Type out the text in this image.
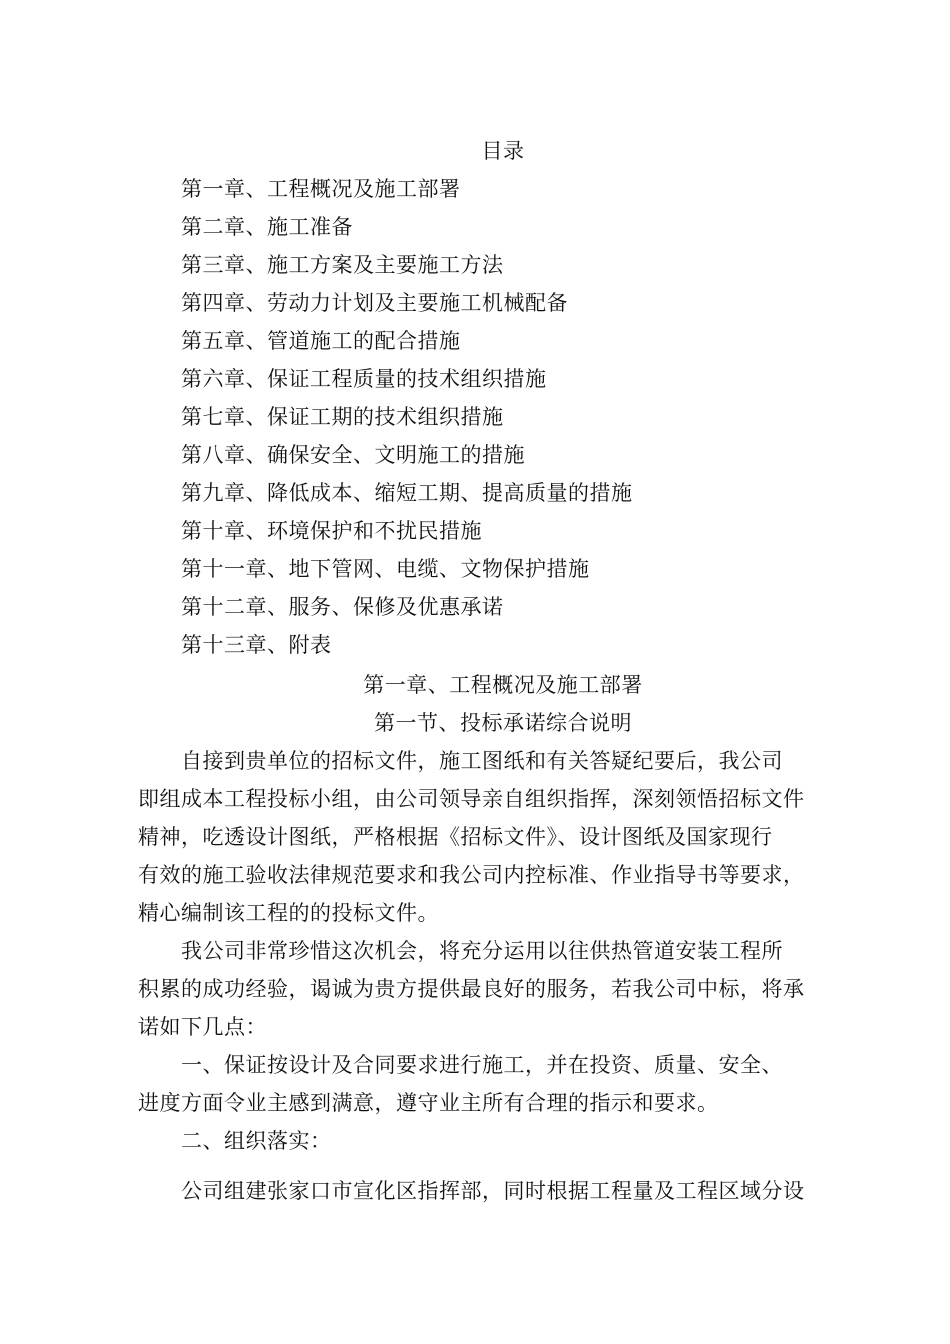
目录
第一章、工程概况及施工部署
第二章、施工准备
第三章、施工方案及主要施工方法
第四章、劳动力计划及主要施工机械配备
第五章、管道施工的配合措施
第六章、保证工程质量的技术组织措施
第七章、保证工期的技术组织措施
第八章、确保安全、文明施工的措施
第九章、降低成本、缩短工期、提高质量的措施
第十章、环境保护和不扰民措施
第十一章、地下管网、电缆、文物保护措施
第十二章、服务、保修及优惠承诺
第十三章、附表
第一章、工程概况及施工部署
第一节、投标承诺综合说明
自接到贵单位的招标文件，施工图纸和有关答疑纪要后，我公司
即组成本工程投标小组，由公司领导亲自组织指挥，深刻领悟招标文件
精神，吃透设计图纸，严格根据《招标文件》、设计图纸及国家现行
有效的施工验收法律规范要求和我公司内控标准、作业指导书等要求，
精心编制该工程的的投标文件。
我公司非常珍惜这次机会，将充分运用以往供热管道安装工程所
积累的成功经验，谒诚为贵方提供最良好的服务，若我公司中标，将承
诺如下几点：
一、保证按设计及合同要求进行施工，并在投资、质量、安全、
进度方面令业主感到满意，遵守业主所有合理的指示和要求。
二、组织落实：
公司组建张家口市宣化区指挥部，同时根据工程量及工程区域分设
